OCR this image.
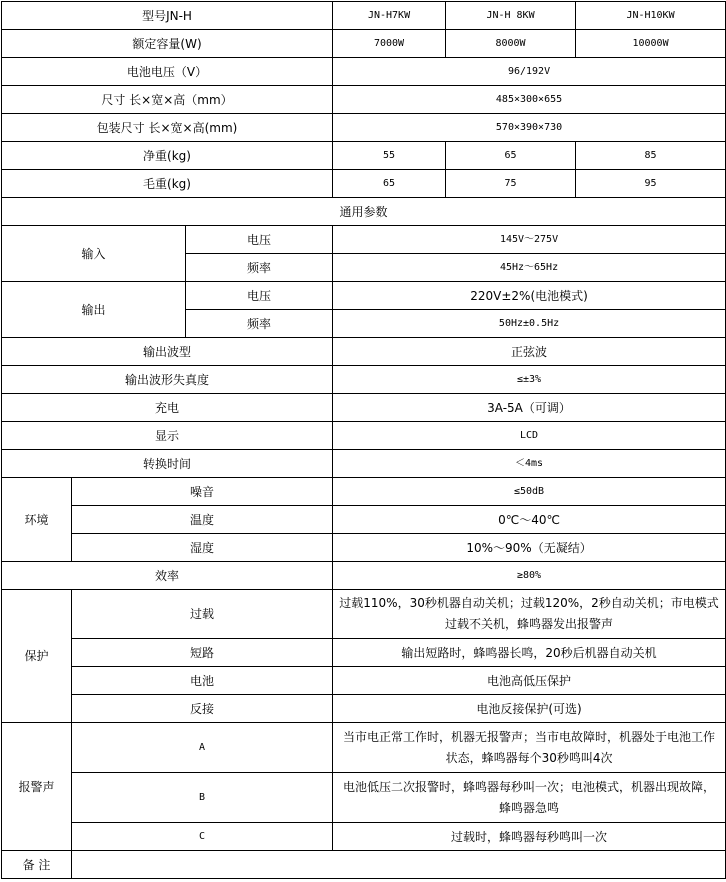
型号JN-H			JN-H7KW	JN-H 8KW	JN-H10KW
额定容量(W)			7000W	8000W	10000W
电池电压（V）			96/192V		
尺寸 长×宽×高（mm）			485×300×655		
包装尺寸 长×宽×高(mm)			570×390×730		
净重(kg)			55	65	85
毛重(kg)			65	75	95
通用参数					
输入		电压	145V～275V		
		频率	45Hz～65Hz		
输出		电压	220V±2%(电池模式)		
		频率	50Hz±0.5Hz		
输出波型			正弦波		
输出波形失真度			≤±3%		
充电			3A-5A（可调）		
显示			LCD		
转换时间			＜4ms		
环境	噪音		≤50dB		
	温度		0℃～40℃		
	湿度		10%～90%（无凝结）		
效率			≥80%		
保护	过载		过载110%，30秒机器自动关机；过载120%，2秒自动关机；市电模式过载不关机，蜂鸣器发出报警声		
	短路		输出短路时，蜂鸣器长鸣，20秒后机器自动关机		
	电池		电池高低压保护		
	反接		电池反接保护(可选)		
报警声	A		当市电正常工作时，机器无报警声；当市电故障时，机器处于电池工作状态，蜂鸣器每个30秒鸣叫4次		
	B		电池低压二次报警时，蜂鸣器每秒叫一次；电池模式，机器出现故障，蜂鸣器急鸣		
	C		过载时，蜂鸣器每秒鸣叫一次		
备 注					
